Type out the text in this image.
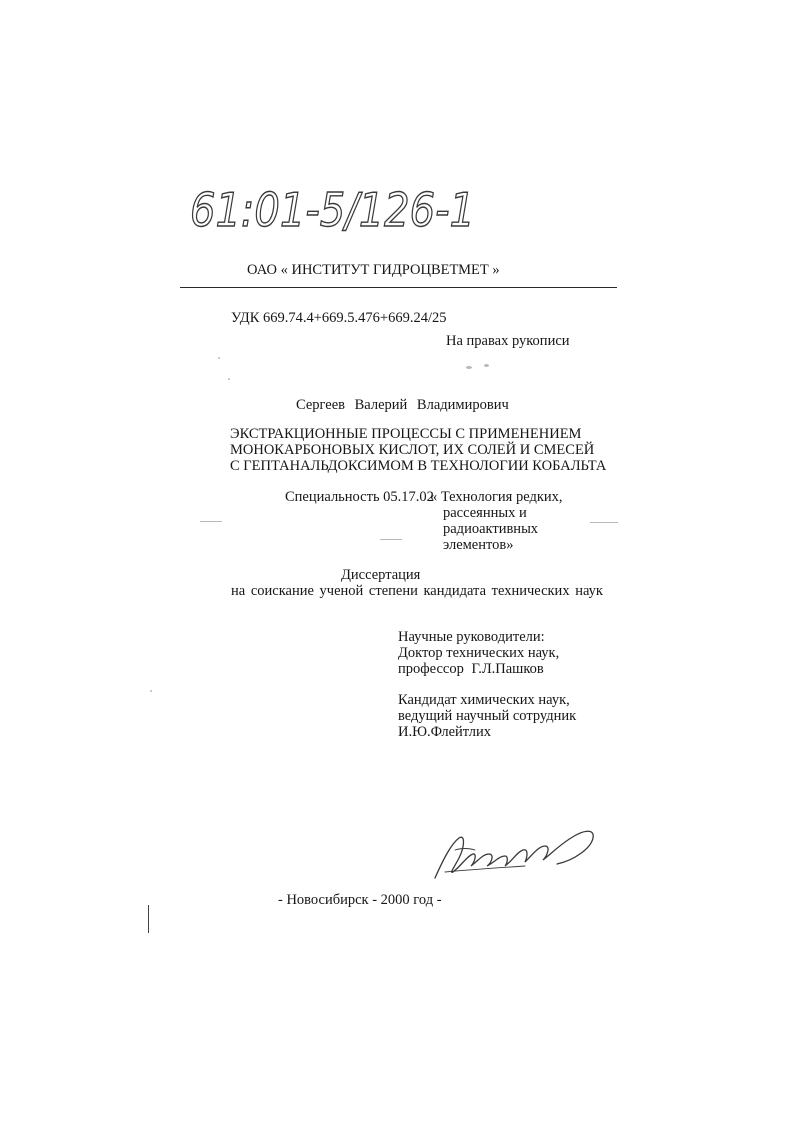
61:01-5/126-1
ОАО « ИНСТИТУТ ГИДРОЦВЕТМЕТ »
УДК 669.74.4+669.5.476+669.24/25
На правах рукописи
Сергеев Валерий Владимирович
ЭКСТРАКЦИОННЫЕ ПРОЦЕССЫ С ПРИМЕНЕНИЕМ
МОНОКАРБОНОВЫХ КИСЛОТ, ИХ СОЛЕЙ И СМЕСЕЙ
С ГЕПТАНАЛЬДОКСИМОМ В ТЕХНОЛОГИИ КОБАЛЬТА
Специальность 05.17.02
« Технология редких,
рассеянных и
радиоактивных
элементов»
Диссертация
на соискание ученой степени кандидата технических наук
Научные руководители:
Доктор технических наук,
профессор Г.Л.Пашков
Кандидат химических наук,
ведущий научный сотрудник
И.Ю.Флейтлих
- Новосибирск - 2000 год -
